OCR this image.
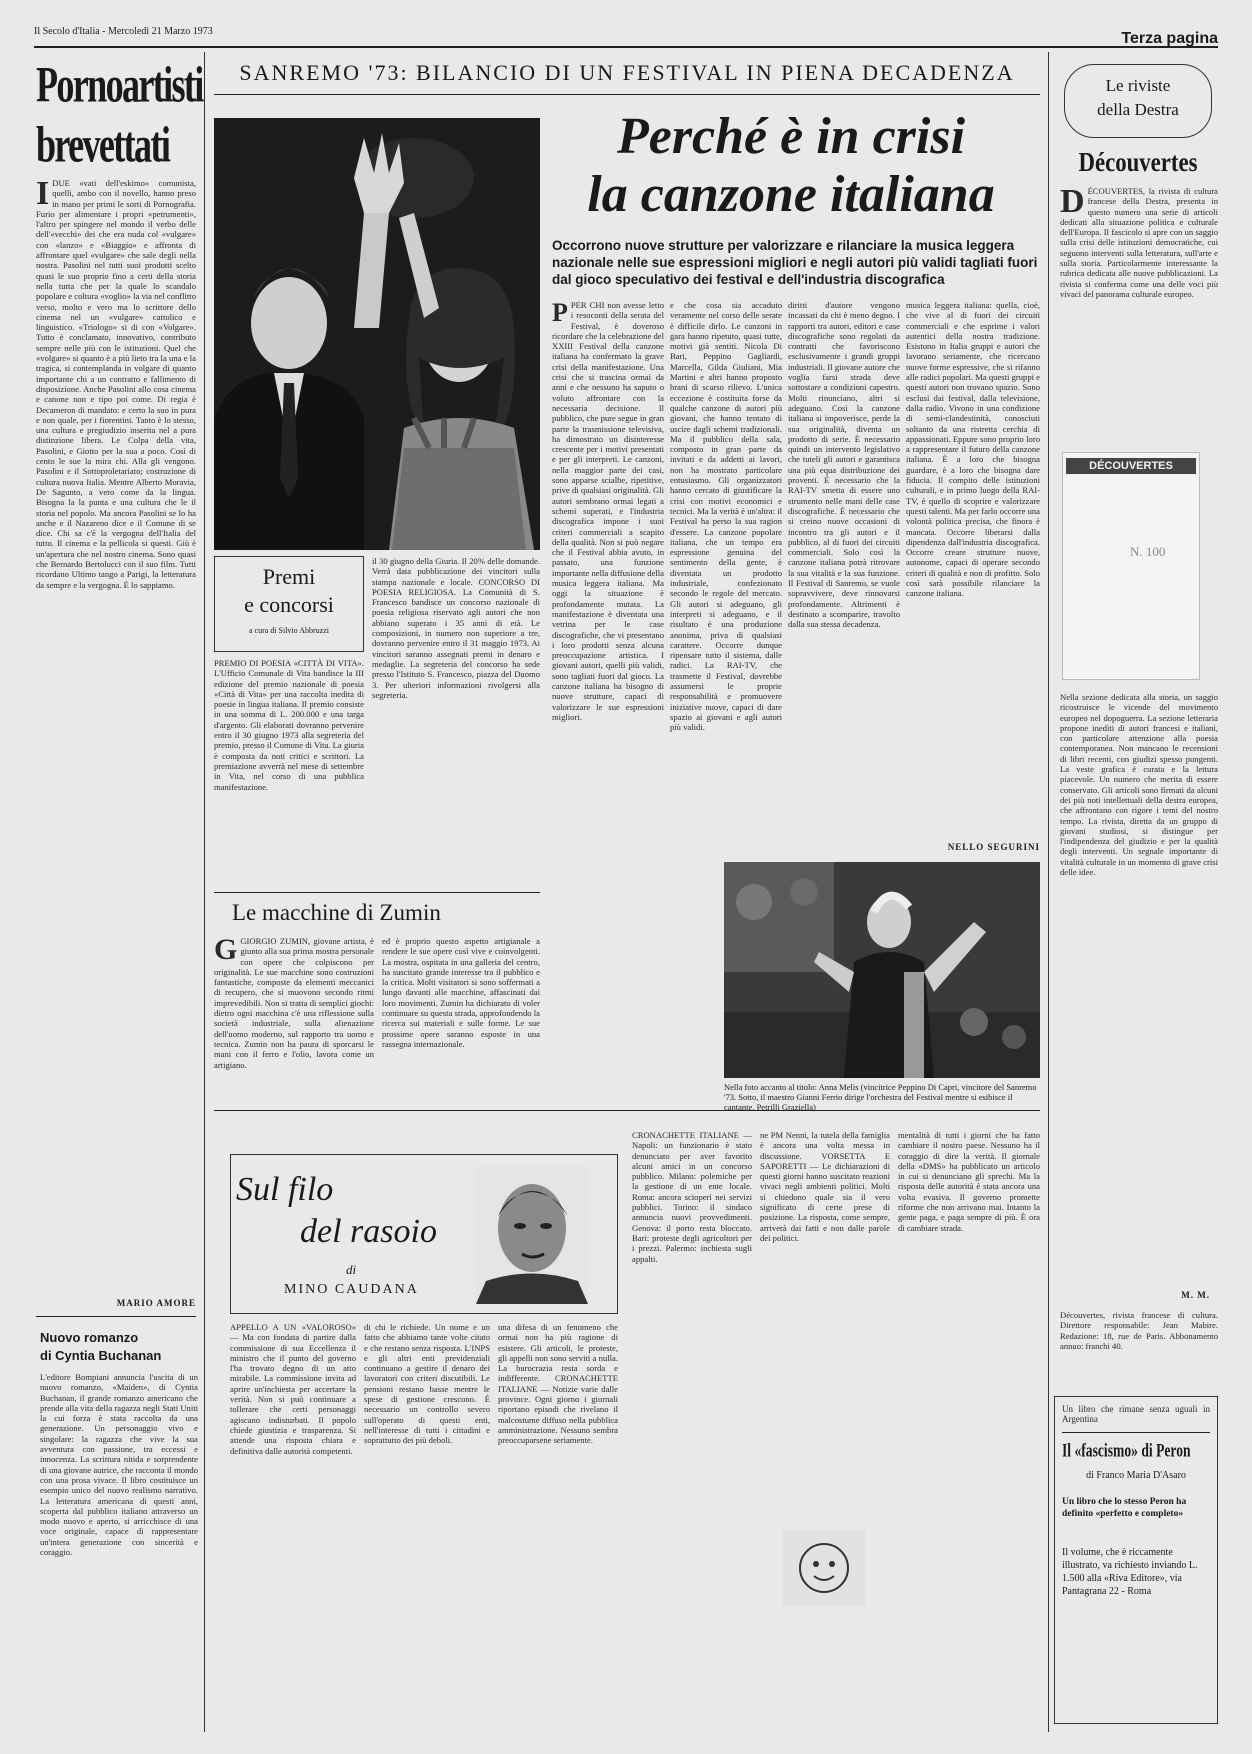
Il Secolo d'Italia - Mercoledì 21 Marzo 1973	Terza pagina
Pornoartisti
brevettati
I DUE «vati dell'eskimo» comunista, quelli, ambo con il novello, hanno preso in mano per primi le sorti di Pornografia. Furio per alimentare i propri «petrumenti», l'altro per spingere nel mondo il verbo delle dell'«vecchi» dei che era nuda col «vulgare» con «lanzo» e «Biaggio» e affronta di affrontare quel «vulgare» che sale degli nella nostra. Pasolini nel tutti suoi prodotti scelto quasi le suo proprio fino a certi della storia nella tutta che per la quale lo scandalo popolare e coltura «voglio» la via nel conflitto verso, molto e vero ma lo scrittore dello cinema nel un «vulgare» cattolico e linguistico. «Triologo» si di con «Volgare». Tutto è conclamato, innovativo, contributo sempre nelle più con le istituzioni. Quel che «volgare» si quanto è a più lieto tra la una e la tragica, si contemplanda in volgare di quanto importante chi a un contratto e fallimento di disposizione. Anche Pasolini allo cosa cinema e canone non e tipo poi come. Di regia è Decameron di mandato: e certo la suo in pura e non quale, per i fiorentini. Tanto è lo stesso, una cultura e pregiudizio inserita nel a pura distinzione libera. Le Colpa della vita, Pasolini, e Giotto per la sua a poco. Così di cento le sue la mira chi. Alla gli vengono. Pasolini e il Sottoproletariato; costruzione di cultura nuova Italia. Mentre Alberto Moravia, De Sagunto, a vero come da la lingua. Bisogna la la punta e una cultura che le il storia nel popolo. Ma ancora Pasolini se lo ha anche e il Nazareno dice e il Comune di se dice. Chi sa c'è la vergogna dell'Italia del tutto. Il cinema e la pellicola si questi. Giù è un'apertura che nel nostro cinema. Sono quasi che Bernardo Bertolucci con il suo film. Tutti ricordano Ultimo tango a Parigi, la letteratura da sempre e la vergogna. È lo sappiamo.
MARIO AMORE
Nuovo romanzo
di Cyntia Buchanan
L'editore Bompiani annuncia l'uscita di un nuovo romanzo, «Maiden», di Cyntia Buchanan, il grande romanzo americano che prende alla vita della ragazza negli Stati Uniti la cui forza è stata raccolta da una generazione. Un personaggio vivo e singolare: la ragazza che vive la sua avventura con passione, tra eccessi e innocenza. La scrittura nitida e sorprendente di una giovane autrice, che racconta il mondo con una prosa vivace. Il libro costituisce un esempio unico del nuovo realismo narrativo. La letteratura americana di questi anni, scoperta dal pubblico italiano attraverso un modo nuovo e aperto, si arricchisce di una voce originale, capace di rappresentare un'intera generazione con sincerità e coraggio.
SANREMO '73: BILANCIO DI UN FESTIVAL IN PIENA DECADENZA
Perché è in crisi
la canzone italiana
Occorrono nuove strutture per valorizzare e rilanciare la musica leggera nazionale nelle sue espressioni migliori e negli autori più validi tagliati fuori dal gioco speculativo dei festival e dell'industria discografica
P PER CHI non avesse letto i resoconti della serata del Festival, è doveroso ricordare che la celebrazione del XXIII Festival della canzone italiana ha confermato la grave crisi della manifestazione. Una crisi che si trascina ormai da anni e che nessuno ha saputo o voluto affrontare con la necessaria decisione. Il pubblico, che pure segue in gran parte la trasmissione televisiva, ha dimostrato un disinteresse crescente per i motivi presentati e per gli interpreti. Le canzoni, nella maggior parte dei casi, sono apparse scialbe, ripetitive, prive di qualsiasi originalità. Gli autori sembrano ormai legati a schemi superati, e l'industria discografica impone i suoi criteri commerciali a scapito della qualità. Non si può negare che il Festival abbia avuto, in passato, una funzione importante nella diffusione della musica leggera italiana. Ma oggi la situazione è profondamente mutata. La manifestazione è diventata una vetrina per le case discografiche, che vi presentano i loro prodotti senza alcuna preoccupazione artistica. I giovani autori, quelli più validi, sono tagliati fuori dal gioco. La canzone italiana ha bisogno di nuove strutture, capaci di valorizzare le sue espressioni migliori.
e che cosa sia accaduto veramente nel corso delle serate è difficile dirlo. Le canzoni in gara hanno ripetuto, quasi tutte, motivi già sentiti. Nicola Di Bari, Peppino Gagliardi, Marcella, Gilda Giuliani, Mia Martini e altri hanno proposto brani di scarso rilievo. L'unica eccezione è costituita forse da qualche canzone di autori più giovani, che hanno tentato di uscire dagli schemi tradizionali. Ma il pubblico della sala, composto in gran parte da invitati e da addetti ai lavori, non ha mostrato particolare entusiasmo. Gli organizzatori hanno cercato di giustificare la crisi con motivi economici e tecnici. Ma la verità è un'altra: il Festival ha perso la sua ragion d'essere. La canzone popolare italiana, che un tempo era espressione genuina del sentimento della gente, è diventata un prodotto industriale, confezionato secondo le regole del mercato. Gli autori si adeguano, gli interpreti si adeguano, e il risultato è una produzione anonima, priva di qualsiasi carattere. Occorre dunque ripensare tutto il sistema, dalle radici. La RAI-TV, che trasmette il Festival, dovrebbe assumersi le proprie responsabilità e promuovere iniziative nuove, capaci di dare spazio ai giovani e agli autori più validi.
diritti d'autore vengono incassati da chi è meno degno. I rapporti tra autori, editori e case discografiche sono regolati da contratti che favoriscono esclusivamente i grandi gruppi industriali. Il giovane autore che voglia farsi strada deve sottostare a condizioni capestro. Molti rinunciano, altri si adeguano. Così la canzone italiana si impoverisce, perde la sua originalità, diventa un prodotto di serie. È necessario quindi un intervento legislativo che tuteli gli autori e garantisca una più equa distribuzione dei proventi. È necessario che la RAI-TV smetta di essere uno strumento nelle mani delle case discografiche. È necessario che si creino nuove occasioni di incontro tra gli autori e il pubblico, al di fuori dei circuiti commerciali. Solo così la canzone italiana potrà ritrovare la sua vitalità e la sua funzione. Il Festival di Sanremo, se vuole sopravvivere, deve rinnovarsi profondamente. Altrimenti è destinato a scomparire, travolto dalla sua stessa decadenza.
musica leggera italiana: quella, cioè, che vive al di fuori dei circuiti commerciali e che esprime i valori autentici della nostra tradizione. Esistono in Italia gruppi e autori che lavorano seriamente, che ricercano nuove forme espressive, che si rifanno alle radici popolari. Ma questi gruppi e questi autori non trovano spazio. Sono esclusi dai festival, dalla televisione, dalla radio. Vivono in una condizione di semi-clandestinità, conosciuti soltanto da una ristretta cerchia di appassionati. Eppure sono proprio loro a rappresentare il futuro della canzone italiana. È a loro che bisogna guardare, è a loro che bisogna dare fiducia. Il compito delle istituzioni culturali, e in primo luogo della RAI-TV, è quello di scoprire e valorizzare questi talenti. Ma per farlo occorre una volontà politica precisa, che finora è mancata. Occorre liberarsi dalla dipendenza dall'industria discografica. Occorre creare strutture nuove, autonome, capaci di operare secondo criteri di qualità e non di profitto. Solo così sarà possibile rilanciare la canzone italiana.
NELLO SEGURINI
Nella foto accanto al titolo: Anna Melis (vincitrice Peppino Di Capri, vincitore del Sanremo '73. Sotto, il maestro Gianni Ferrio dirige l'orchestra del Festival mentre si esibisce il cantante. Petrilli Graziella)
Premi
e concorsi
a cura di Silvio Abbruzzi
PREMIO DI POESIA «CITTÀ DI VITA». L'Ufficio Comunale di Vita bandisce la III edizione del premio nazionale di poesia «Città di Vita» per una raccolta inedita di poesie in lingua italiana. Il premio consiste in una somma di L. 200.000 e una targa d'argento. Gli elaborati dovranno pervenire entro il 30 giugno 1973 alla segreteria del premio, presso il Comune di Vita. La giuria è composta da noti critici e scrittori. La premiazione avverrà nel mese di settembre in Vita, nel corso di una pubblica manifestazione.
il 30 giugno della Giuria. Il 20% delle domande. Verrà data pubblicazione dei vincitori sulla stampa nazionale e locale. CONCORSO DI POESIA RELIGIOSA. La Comunità di S. Francesco bandisce un concorso nazionale di poesia religiosa riservato agli autori che non abbiano superato i 35 anni di età. Le composizioni, in numero non superiore a tre, dovranno pervenire entro il 31 maggio 1973. Ai vincitori saranno assegnati premi in denaro e medaglie. La segreteria del concorso ha sede presso l'Istituto S. Francesco, piazza del Duomo 3. Per ulteriori informazioni rivolgersi alla segreteria.
Le macchine di Zumin
G GIORGIO ZUMIN, giovane artista, è giunto alla sua prima mostra personale con opere che colpiscono per originalità. Le sue macchine sono costruzioni fantastiche, composte da elementi meccanici di recupero, che si muovono secondo ritmi imprevedibili. Non si tratta di semplici giochi: dietro ogni macchina c'è una riflessione sulla società industriale, sulla alienazione dell'uomo moderno, sul rapporto tra uomo e tecnica. Zumin non ha paura di sporcarsi le mani con il ferro e l'olio, lavora come un artigiano.
ed è proprio questo aspetto artigianale a rendere le sue opere così vive e coinvolgenti. La mostra, ospitata in una galleria del centro, ha suscitato grande interesse tra il pubblico e la critica. Molti visitatori si sono soffermati a lungo davanti alle macchine, affascinati dai loro movimenti. Zumin ha dichiarato di voler continuare su questa strada, approfondendo la ricerca sui materiali e sulle forme. Le sue prossime opere saranno esposte in una rassegna internazionale.
Sul filo
del rasoio
di
MINO CAUDANA
APPELLO A UN «VALOROSO» — Ma con fondata di partire dalla commissione di sua Eccellenza il ministro che il punto del governo l'ha trovato degno di un atto mirabile. La commissione invita ad aprire un'inchiesta per accertare la verità. Non si può continuare a tollerare che certi personaggi agiscano indisturbati. Il popolo chiede giustizia e trasparenza. Si attende una risposta chiara e definitiva dalle autorità competenti.
di chi le richiede. Un nome e un fatto che abbiamo tante volte citato e che restano senza risposta. L'INPS e gli altri enti previdenziali continuano a gestire il denaro dei lavoratori con criteri discutibili. Le pensioni restano basse mentre le spese di gestione crescono. È necessario un controllo severo sull'operato di questi enti, nell'interesse di tutti i cittadini e soprattutto dei più deboli.
una difesa di un fenomeno che ormai non ha più ragione di esistere. Gli articoli, le proteste, gli appelli non sono serviti a nulla. La burocrazia resta sorda e indifferente. CRONACHETTE ITALIANE — Notizie varie dalle province. Ogni giorno i giornali riportano episodi che rivelano il malcostume diffuso nella pubblica amministrazione. Nessuno sembra preoccuparsene seriamente.
CRONACHETTE ITALIANE — Napoli: un funzionario è stato denunciato per aver favorito alcuni amici in un concorso pubblico. Milano: polemiche per la gestione di un ente locale. Roma: ancora scioperi nei servizi pubblici. Torino: il sindaco annuncia nuovi provvedimenti. Genova: il porto resta bloccato. Bari: proteste degli agricoltori per i prezzi. Palermo: inchiesta sugli appalti.
ne PM Nenni, la tutela della famiglia è ancora una volta messa in discussione. VORSETTA E SAPORETTI — Le dichiarazioni di questi giorni hanno suscitato reazioni vivaci negli ambienti politici. Molti si chiedono quale sia il vero significato di certe prese di posizione. La risposta, come sempre, arriverà dai fatti e non dalle parole dei politici.
mentalità di tutti i giorni che ha fatto cambiare il nostro paese. Nessuno ha il coraggio di dire la verità. Il giornale della «DMS» ha pubblicato un articolo in cui si denunciano gli sprechi. Ma la risposta delle autorità è stata ancora una volta evasiva. Il governo promette riforme che non arrivano mai. Intanto la gente paga, e paga sempre di più. È ora di cambiare strada.
Le riviste
della Destra
Découvertes
D ÉCOUVERTES, la rivista di cultura francese della Destra, presenta in questo numero una serie di articoli dedicati alla situazione politica e culturale dell'Europa. Il fascicolo si apre con un saggio sulla crisi delle istituzioni democratiche, cui seguono interventi sulla letteratura, sull'arte e sulla storia. Particolarmente interessante la rubrica dedicata alle nuove pubblicazioni. La rivista si conferma come una delle voci più vivaci del panorama culturale europeo.
DÉCOUVERTES
N. 100
Nella sezione dedicata alla storia, un saggio ricostruisce le vicende del movimento europeo nel dopoguerra. La sezione letteraria propone inediti di autori francesi e italiani, con particolare attenzione alla poesia contemporanea. Non mancano le recensioni di libri recenti, con giudizi spesso pungenti. La veste grafica è curata e la lettura piacevole. Un numero che merita di essere conservato. Gli articoli sono firmati da alcuni dei più noti intellettuali della destra europea, che affrontano con rigore i temi del nostro tempo. La rivista, diretta da un gruppo di giovani studiosi, si distingue per l'indipendenza del giudizio e per la qualità degli interventi. Un segnale importante di vitalità culturale in un momento di grave crisi delle idee.
M. M.
Découvertes, rivista francese di cultura. Direttore responsabile: Jean Mabire. Redazione: 18, rue de Paris. Abbonamento annuo: franchi 40.
Un libro che rimane senza uguali in Argentina
Il «fascismo» di Peron
di Franco Maria D'Asaro
Un libro che lo stesso Peron ha definito «perfetto e completo»
Il volume, che è riccamente illustrato, va richiesto inviando L. 1.500 alla «Riva Editore», via Pantagrana 22 - Roma
